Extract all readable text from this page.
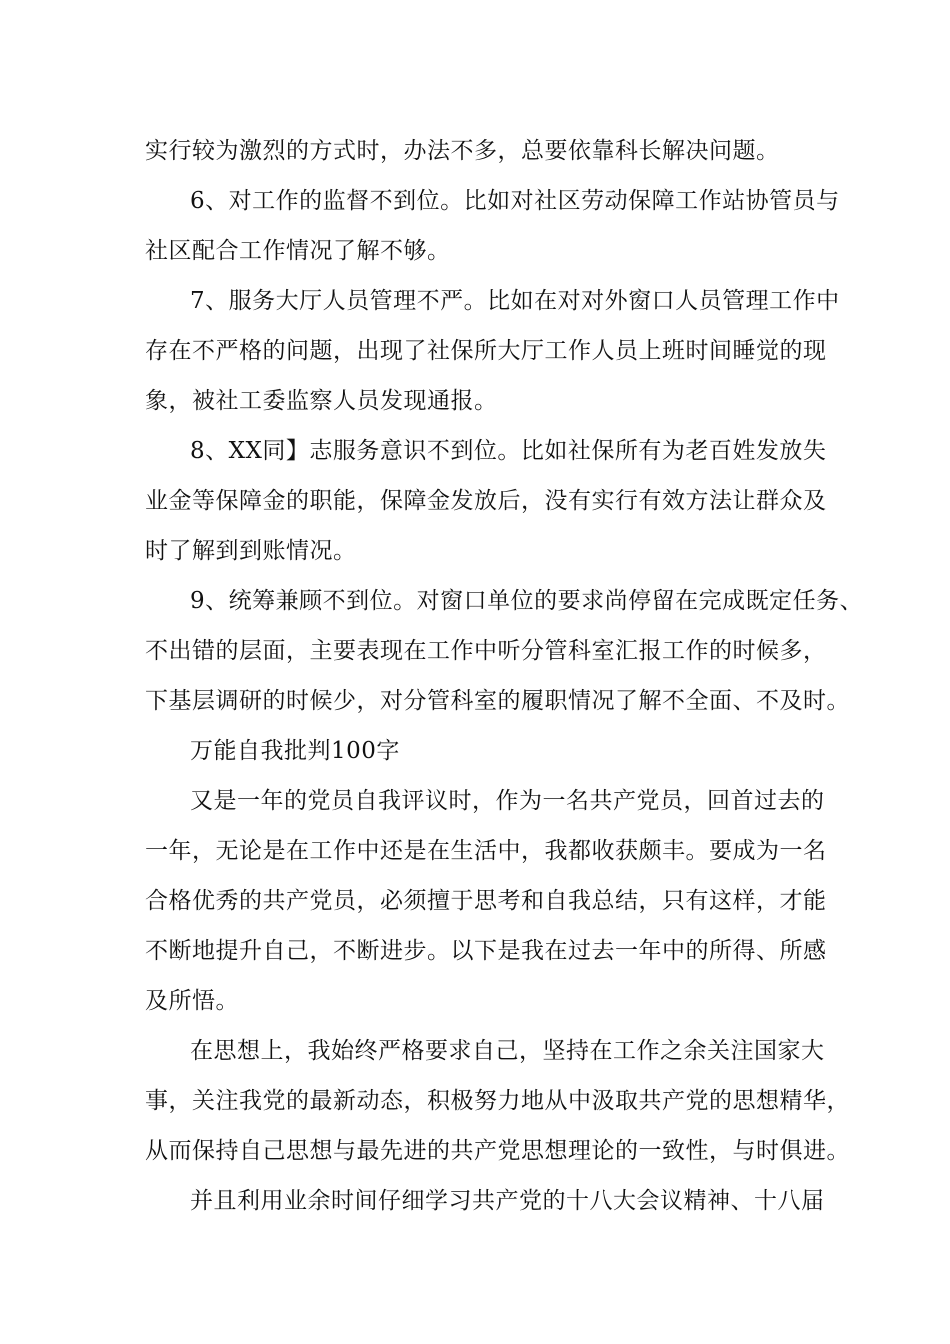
实行较为激烈的方式时，办法不多，总要依靠科长解决问题。
6、对工作的监督不到位。比如对社区劳动保障工作站协管员与
社区配合工作情况了解不够。
7、服务大厅人员管理不严。比如在对对外窗口人员管理工作中
存在不严格的问题，出现了社保所大厅工作人员上班时间睡觉的现
象，被社工委监察人员发现通报。
8、XX同】志服务意识不到位。比如社保所有为老百姓发放失
业金等保障金的职能，保障金发放后，没有实行有效方法让群众及
时了解到到账情况。
9、统筹兼顾不到位。对窗口单位的要求尚停留在完成既定任务、
不出错的层面，主要表现在工作中听分管科室汇报工作的时候多，
下基层调研的时候少，对分管科室的履职情况了解不全面、不及时。
万能自我批判100字
又是一年的党员自我评议时，作为一名共产党员，回首过去的
一年，无论是在工作中还是在生活中，我都收获颇丰。要成为一名
合格优秀的共产党员，必须擅于思考和自我总结，只有这样，才能
不断地提升自己，不断进步。以下是我在过去一年中的所得、所感
及所悟。
在思想上，我始终严格要求自己，坚持在工作之余关注国家大
事，关注我党的最新动态，积极努力地从中汲取共产党的思想精华，
从而保持自己思想与最先进的共产党思想理论的一致性，与时俱进。
并且利用业余时间仔细学习共产党的十八大会议精神、十八届
